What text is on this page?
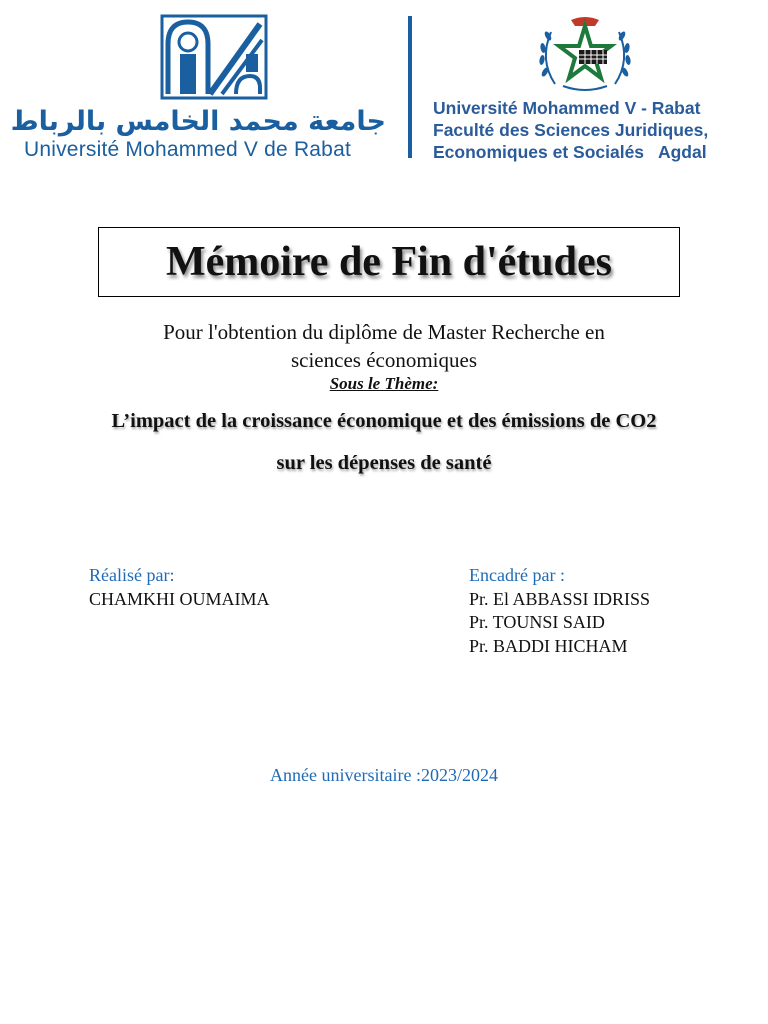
جامعة محمد الخامس بالرباط
Université Mohammed V de Rabat
Université Mohammed V - Rabat
Faculté des Sciences Juridiques,
Economiques et Socialés   Agdal
Mémoire de Fin d'études
Pour l'obtention du diplôme de Master Recherche en
sciences économiques
Sous le Thème:
L’impact de la croissance économique et des émissions de CO2
sur les dépenses de santé
Réalisé par:
CHAMKHI OUMAIMA
Encadré par :
Pr. El ABBASSI IDRISS
Pr. TOUNSI SAID
Pr. BADDI HICHAM
Année universitaire :2023/2024
